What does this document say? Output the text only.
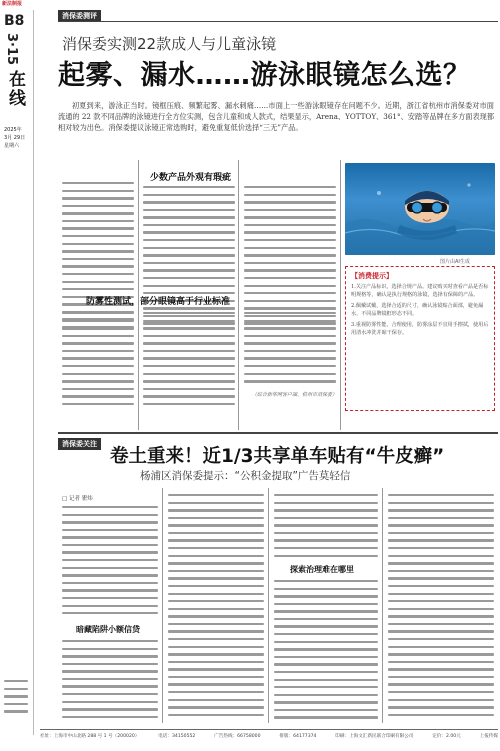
新法制报
B8
3·15
在线
2025年
3月 29日
星期六
消保委测评
消保委实测22款成人与儿童泳镜
起雾、漏水……游泳眼镜怎么选？
初夏到来，游泳正当时。镜框压痕、频繁起雾、漏水刺痛……市面上一些游泳眼镜存在问题不少。近期，浙江省杭州市消保委对市面流通的 22 款不同品牌的泳镜进行全方位实测，包含儿童和成人款式，结果显示，Arena、YOTTOY、361°、安踏等品牌在多方面表现都相对较为出色。消保委提议泳镜正常选购时，避免重复低价选择“三无”产品。
少数产品外观有瑕疵
图片由AI生成
【消费提示】
1.关注产品标识，选择合规产品。建议购买时查看产品是否标明规格等，确认是执行规格的泳镜，选择有保障的产品。
2.佩戴试戴，选择合适的尺寸，确认泳镜贴合面部，避免漏水，不同品牌镜框形态不同。
3.重视防雾性能，合理使用，防雾涂层不宜用手擦拭，使用后用清水冲洗并晾干保存。
防雾性测试，部分眼镜高于行业标准
（综合新华网客户端、杭州市消保委）
消保委关注
卷土重来！近1/3共享单车贴有“牛皮癣”
杨浦区消保委提示：“公积金提取”广告莫轻信
□ 记者 瞿炜
暗藏陷阱小额信贷
探索治理难在哪里
社址：上海市中山北路 288 号 1 号（200020）	电话：34150552	广告热线：66758000	排版：64177374	印刷：上海文汇新民联合印刷有限公司	定价：2.00元	上报传媒
